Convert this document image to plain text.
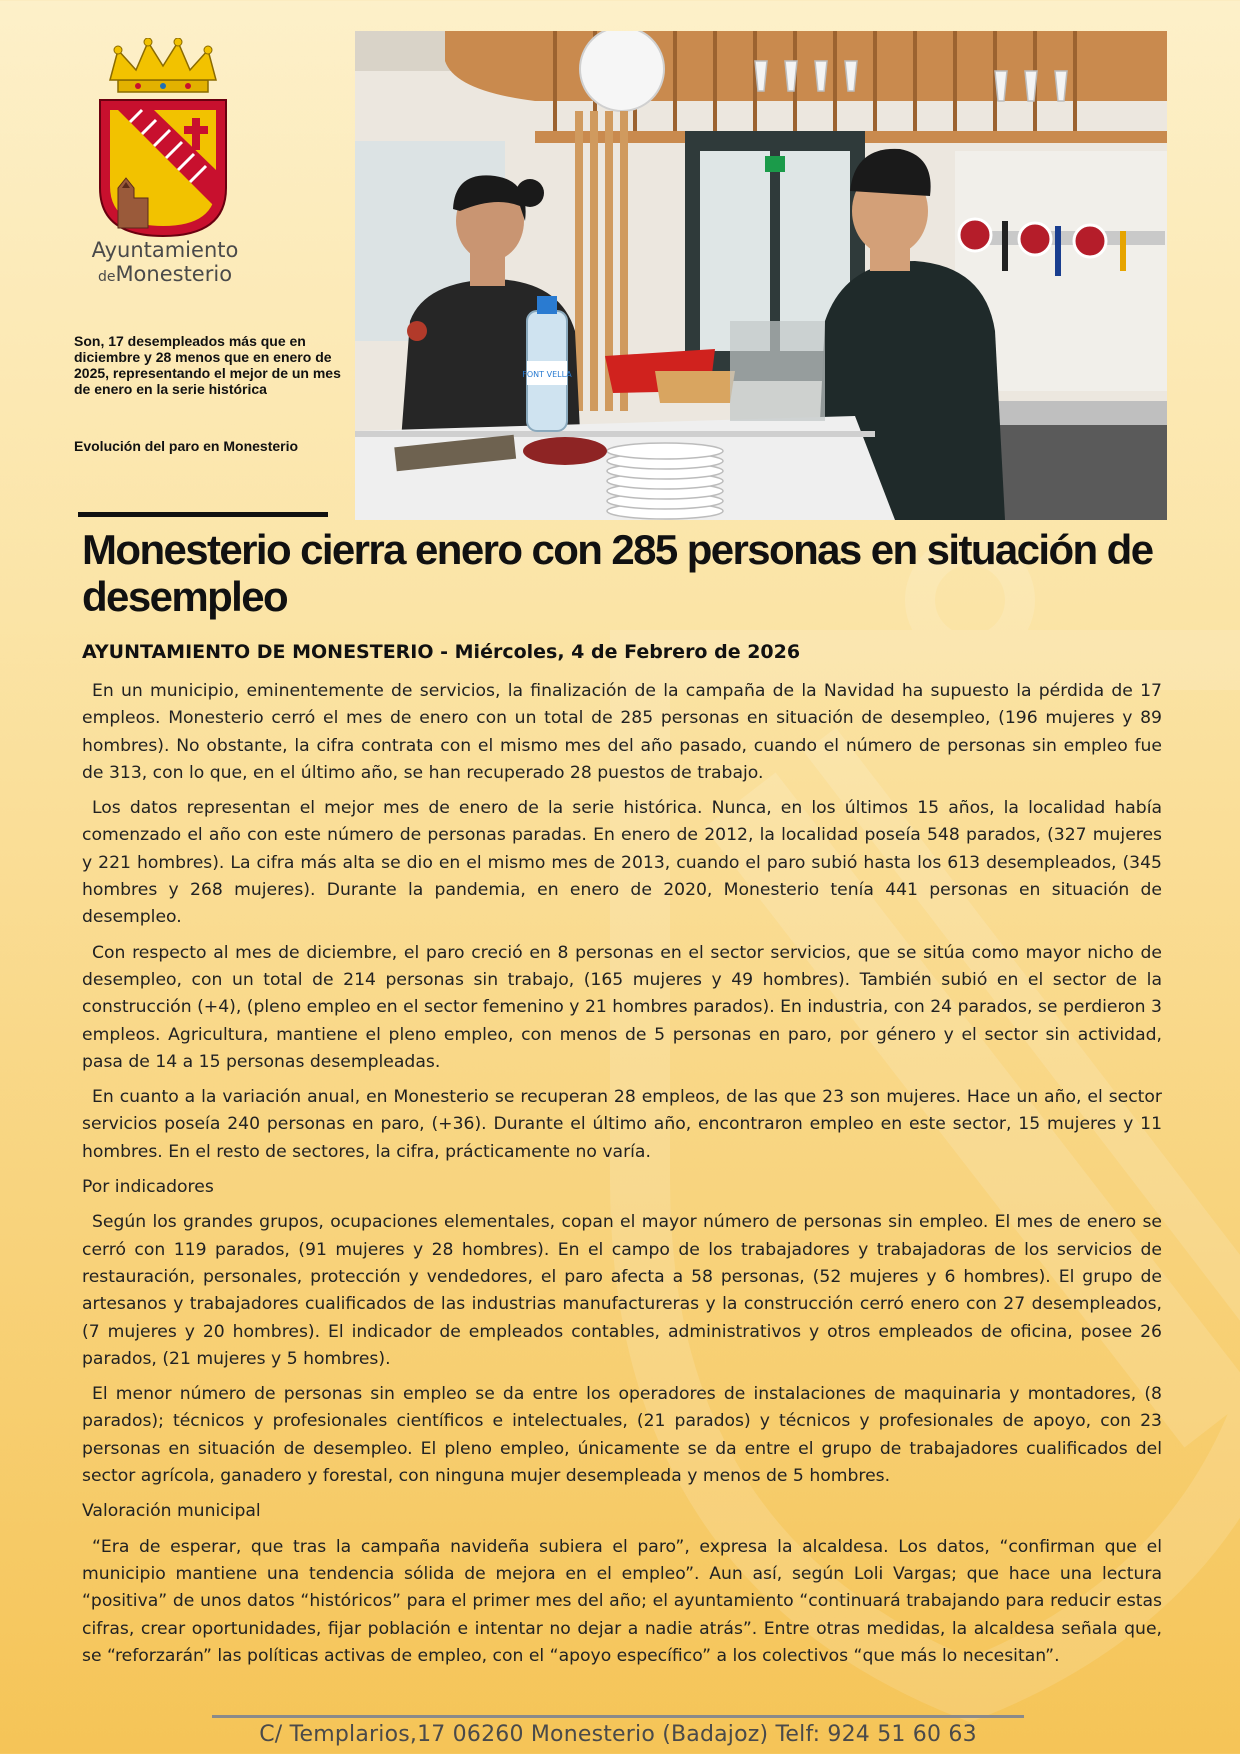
Ayuntamiento
deMonesterio
Son, 17 desempleados más que en diciembre y 28 menos que en enero de 2025, representando el mejor de un mes de enero en la serie histórica
Evolución del paro en Monesterio
FONT VELLA
Monesterio cierra enero con 285 personas en situación de desempleo
AYUNTAMIENTO DE MONESTERIO - Miércoles, 4 de Febrero de 2026

En un municipio, eminentemente de servicios, la finalización de la campaña de la Navidad ha supuesto la pérdida de 17 empleos. Monesterio cerró el mes de enero con un total de 285 personas en situación de desempleo, (196 mujeres y 89 hombres). No obstante, la cifra contrata con el mismo mes del año pasado, cuando el número de personas sin empleo fue de 313, con lo que, en el último año, se han recuperado 28 puestos de trabajo.

Los datos representan el mejor mes de enero de la serie histórica. Nunca, en los últimos 15 años, la localidad había comenzado el año con este número de personas paradas. En enero de 2012, la localidad poseía 548 parados, (327 mujeres y 221 hombres). La cifra más alta se dio en el mismo mes de 2013, cuando el paro subió hasta los 613 desempleados, (345 hombres y 268 mujeres). Durante la pandemia, en enero de 2020, Monesterio tenía 441 personas en situación de desempleo.

Con respecto al mes de diciembre, el paro creció en 8 personas en el sector servicios, que se sitúa como mayor nicho de desempleo, con un total de 214 personas sin trabajo, (165 mujeres y 49 hombres). También subió en el sector de la construcción (+4), (pleno empleo en el sector femenino y 21 hombres parados). En industria, con 24 parados, se perdieron 3 empleos. Agricultura, mantiene el pleno empleo, con menos de 5 personas en paro, por género y el sector sin actividad, pasa de 14 a 15 personas desempleadas.

En cuanto a la variación anual, en Monesterio se recuperan 28 empleos, de las que 23 son mujeres. Hace un año, el sector servicios poseía 240 personas en paro, (+36). Durante el último año, encontraron empleo en este sector, 15 mujeres y 11 hombres. En el resto de sectores, la cifra, prácticamente no varía.

Por indicadores

Según los grandes grupos, ocupaciones elementales, copan el mayor número de personas sin empleo. El mes de enero se cerró con 119 parados, (91 mujeres y 28 hombres). En el campo de los trabajadores y trabajadoras de los servicios de restauración, personales, protección y vendedores, el paro afecta a 58 personas, (52 mujeres y 6 hombres). El grupo de artesanos y trabajadores cualificados de las industrias manufactureras y la construcción cerró enero con 27 desempleados, (7 mujeres y 20 hombres). El indicador de empleados contables, administrativos y otros empleados de oficina, posee 26 parados, (21 mujeres y 5 hombres).

El menor número de personas sin empleo se da entre los operadores de instalaciones de maquinaria y montadores, (8 parados); técnicos y profesionales científicos e intelectuales, (21 parados) y técnicos y profesionales de apoyo, con 23 personas en situación de desempleo. El pleno empleo, únicamente se da entre el grupo de trabajadores cualificados del sector agrícola, ganadero y forestal, con ninguna mujer desempleada y menos de 5 hombres.

Valoración municipal

“Era de esperar, que tras la campaña navideña subiera el paro”, expresa la alcaldesa. Los datos, “confirman que el municipio mantiene una tendencia sólida de mejora en el empleo”. Aun así, según Loli Vargas; que hace una lectura “positiva” de unos datos “históricos” para el primer mes del año; el ayuntamiento “continuará trabajando para reducir estas cifras, crear oportunidades, fijar población e intentar no dejar a nadie atrás”. Entre otras medidas, la alcaldesa señala que, se “reforzarán” las políticas activas de empleo, con el “apoyo específico” a los colectivos “que más lo necesitan”.

C/ Templarios,17 06260 Monesterio (Badajoz) Telf: 924 51 60 63
